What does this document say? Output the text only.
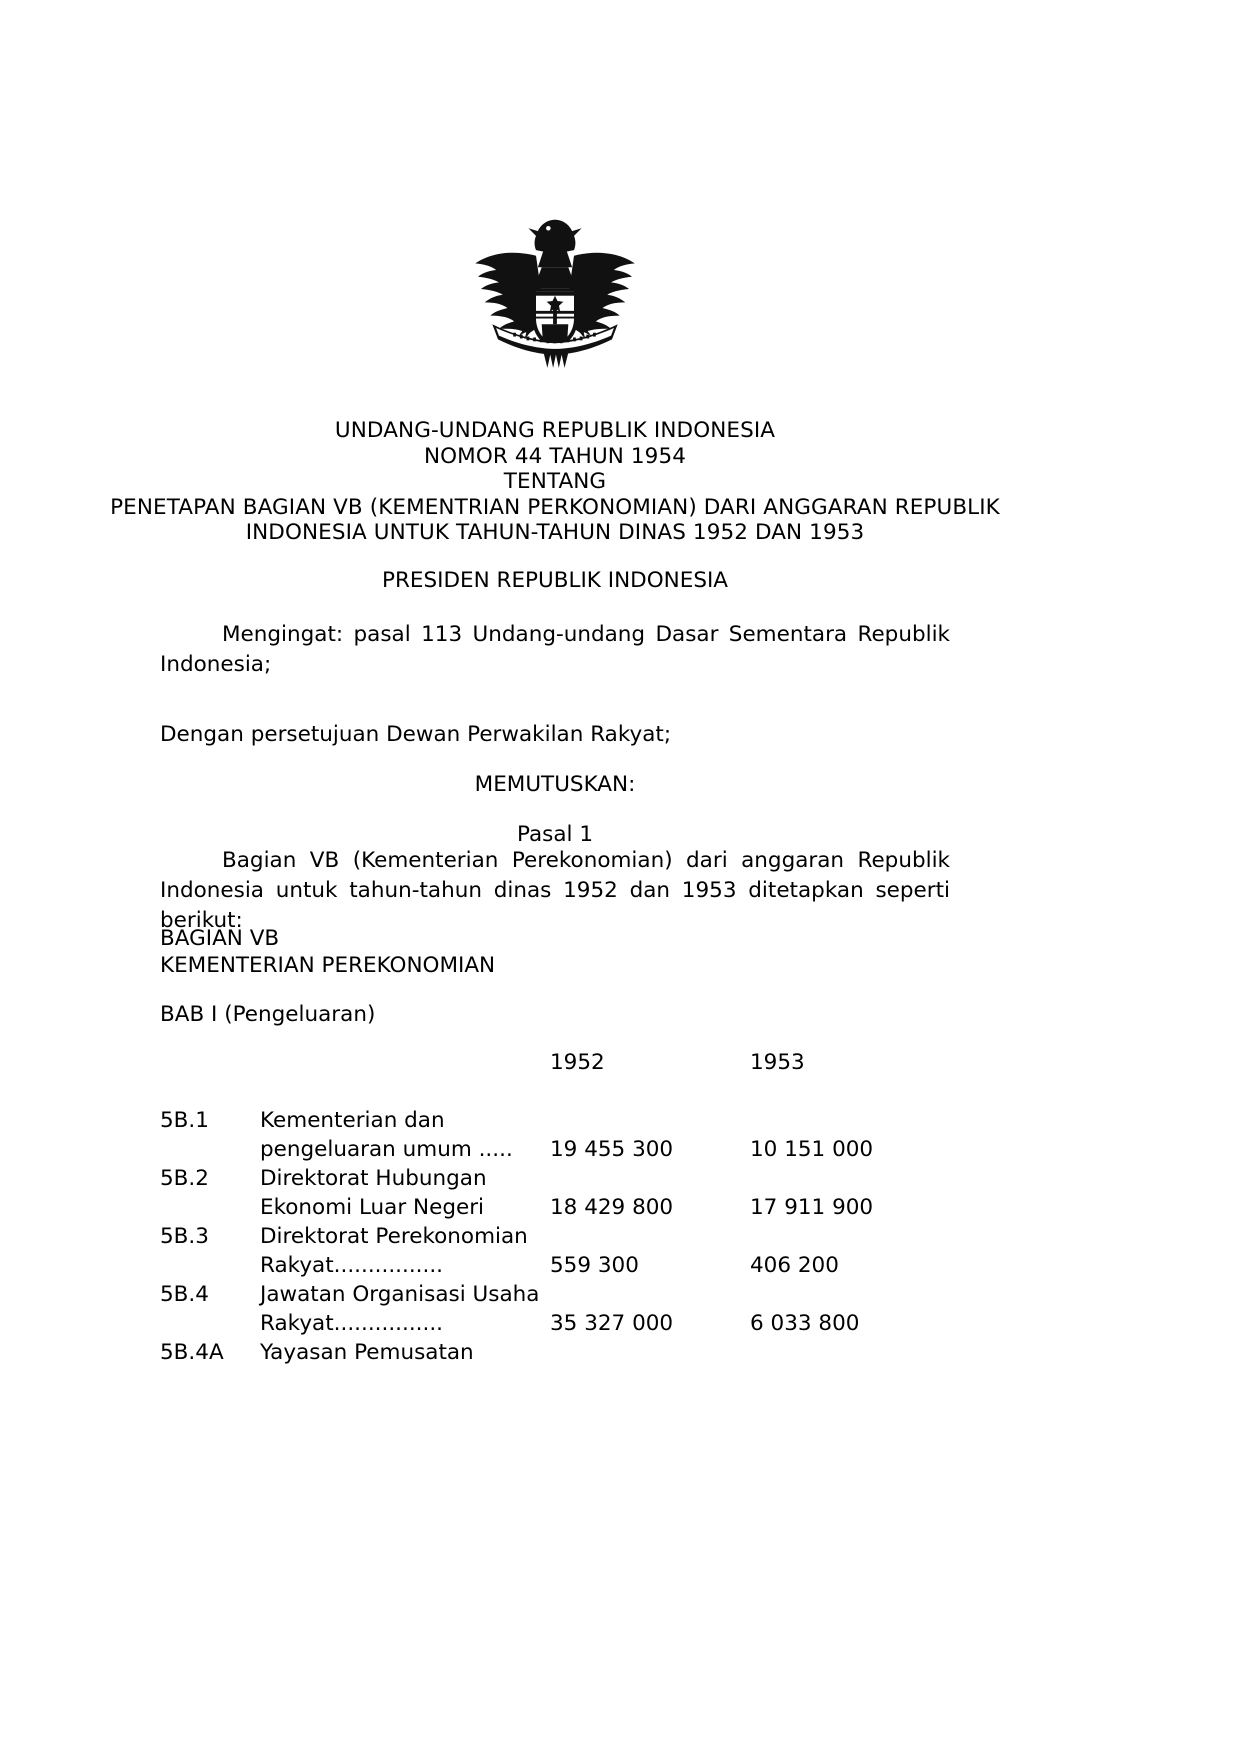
UNDANG-UNDANG REPUBLIK INDONESIA
NOMOR 44 TAHUN 1954
TENTANG
PENETAPAN BAGIAN VB (KEMENTRIAN PERKONOMIAN) DARI ANGGARAN REPUBLIK
INDONESIA UNTUK TAHUN-TAHUN DINAS 1952 DAN 1953
PRESIDEN REPUBLIK INDONESIA
Mengingat: pasal 113 Undang-undang Dasar Sementara Republik Indonesia;
Dengan persetujuan Dewan Perwakilan Rakyat;
MEMUTUSKAN:
Pasal 1
Bagian VB (Kementerian Perekonomian) dari anggaran Republik Indonesia untuk tahun-tahun dinas 1952 dan 1953 ditetapkan seperti berikut:
BAGIAN VB
KEMENTERIAN PEREKONOMIAN
BAB I (Pengeluaran)
		1952	1953
5B.1	Kementerian dan		
	pengeluaran umum .....	19 455 300	10 151 000
5B.2	Direktorat Hubungan		
	Ekonomi Luar Negeri	18 429 800	17 911 900
5B.3	Direktorat Perekonomian		
	Rakyat................	559 300	406 200
5B.4	Jawatan Organisasi Usaha		
	Rakyat................	35 327 000	6 033 800
5B.4A	Yayasan Pemusatan		
